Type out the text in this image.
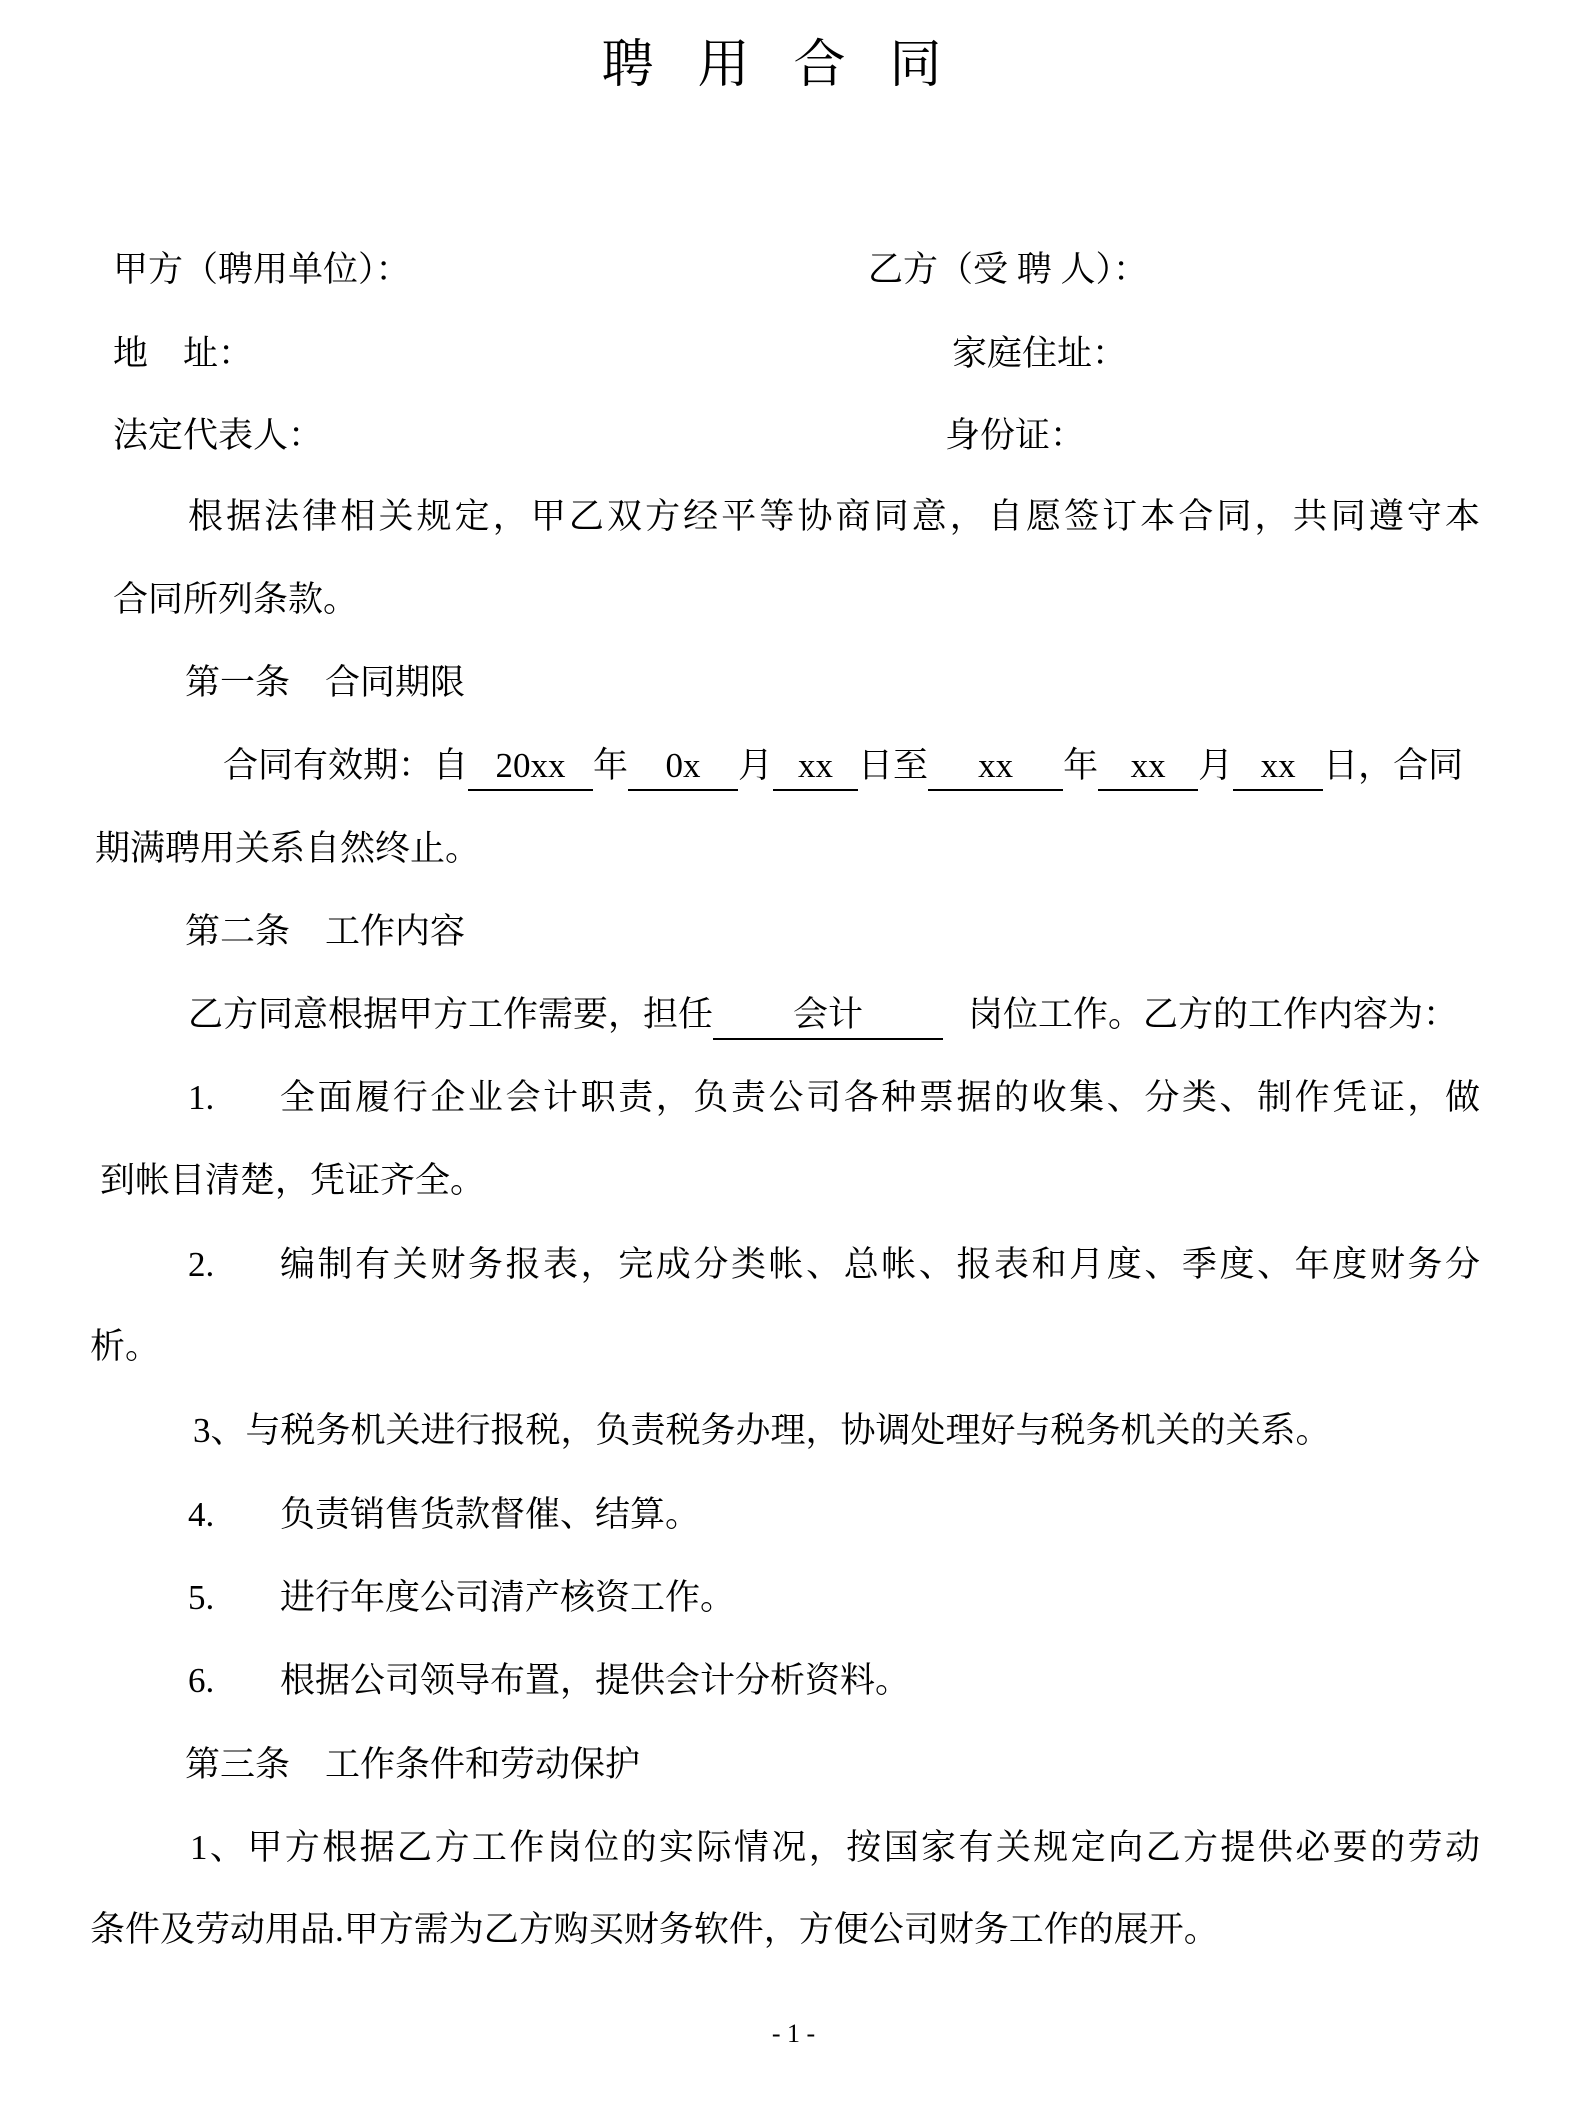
聘用合同
甲方（聘用单位）：	乙方（受 聘 人）：
地　址：	家庭住址：
法定代表人：	身份证：
根据法律相关规定，甲乙双方经平等协商同意，自愿签订本合同，共同遵守本
合同所列条款。
第一条　合同期限
合同有效期：自 20xx 年 0x 月 xx 日至 xx 年 xx 月 xx 日，合同
期满聘用关系自然终止。
第二条　工作内容
乙方同意根据甲方工作需要，担任 会计	岗位工作。乙方的工作内容为：
1. 全面履行企业会计职责，负责公司各种票据的收集、分类、制作凭证，做
到帐目清楚，凭证齐全。
2. 编制有关财务报表，完成分类帐、总帐、报表和月度、季度、年度财务分
析。
3、与税务机关进行报税，负责税务办理，协调处理好与税务机关的关系。
4. 负责销售货款督催、结算。
5. 进行年度公司清产核资工作。
6. 根据公司领导布置，提供会计分析资料。
第三条　工作条件和劳动保护
1、甲方根据乙方工作岗位的实际情况，按国家有关规定向乙方提供必要的劳动
条件及劳动用品.甲方需为乙方购买财务软件，方便公司财务工作的展开。
- 1 -
